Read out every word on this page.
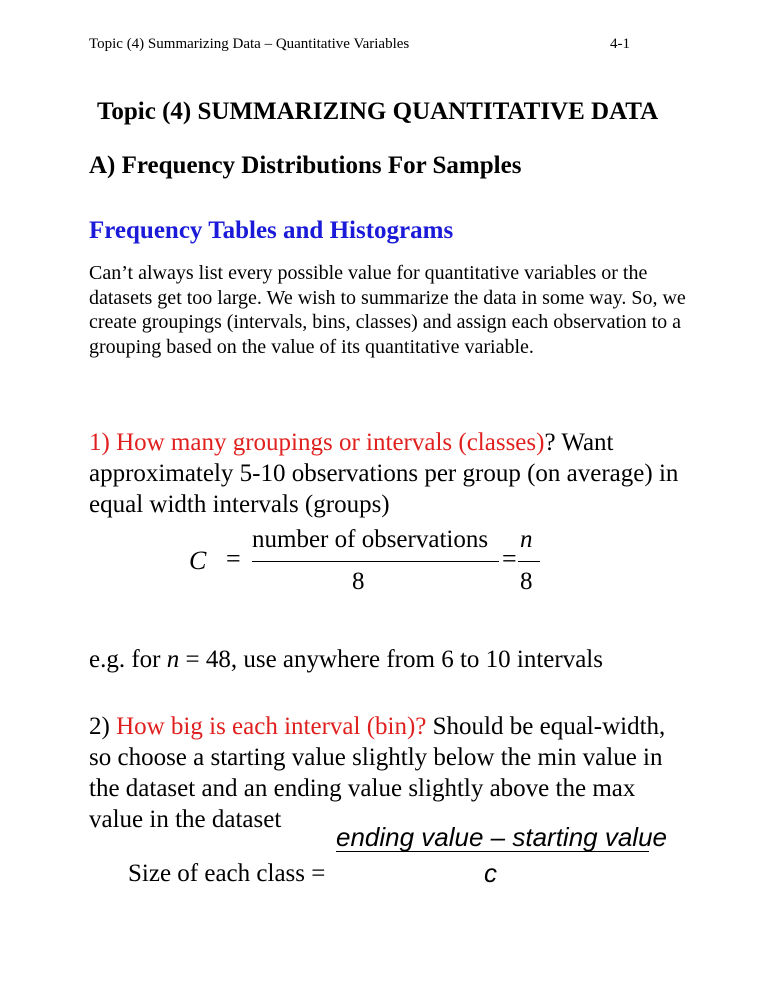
Topic (4) Summarizing Data – Quantitative Variables	4-1
Topic (4) SUMMARIZING QUANTITATIVE DATA
A) Frequency Distributions For Samples
Frequency Tables and Histograms
Can’t always list every possible value for quantitative variables or the datasets get too large. We wish to summarize the data in some way. So, we create groupings (intervals, bins, classes) and assign each observation to a grouping based on the value of its quantitative variable.
1) How many groupings or intervals (classes)? Want approximately 5-10 observations per group (on average) in equal width intervals (groups)
C =
number of observations
8
=
n
8
e.g. for n = 48, use anywhere from 6 to 10 intervals
2) How big is each interval (bin)? Should be equal-width, so choose a starting value slightly below the min value in the dataset and an ending value slightly above the max value in the dataset
Size of each class =
ending value – starting value
c
